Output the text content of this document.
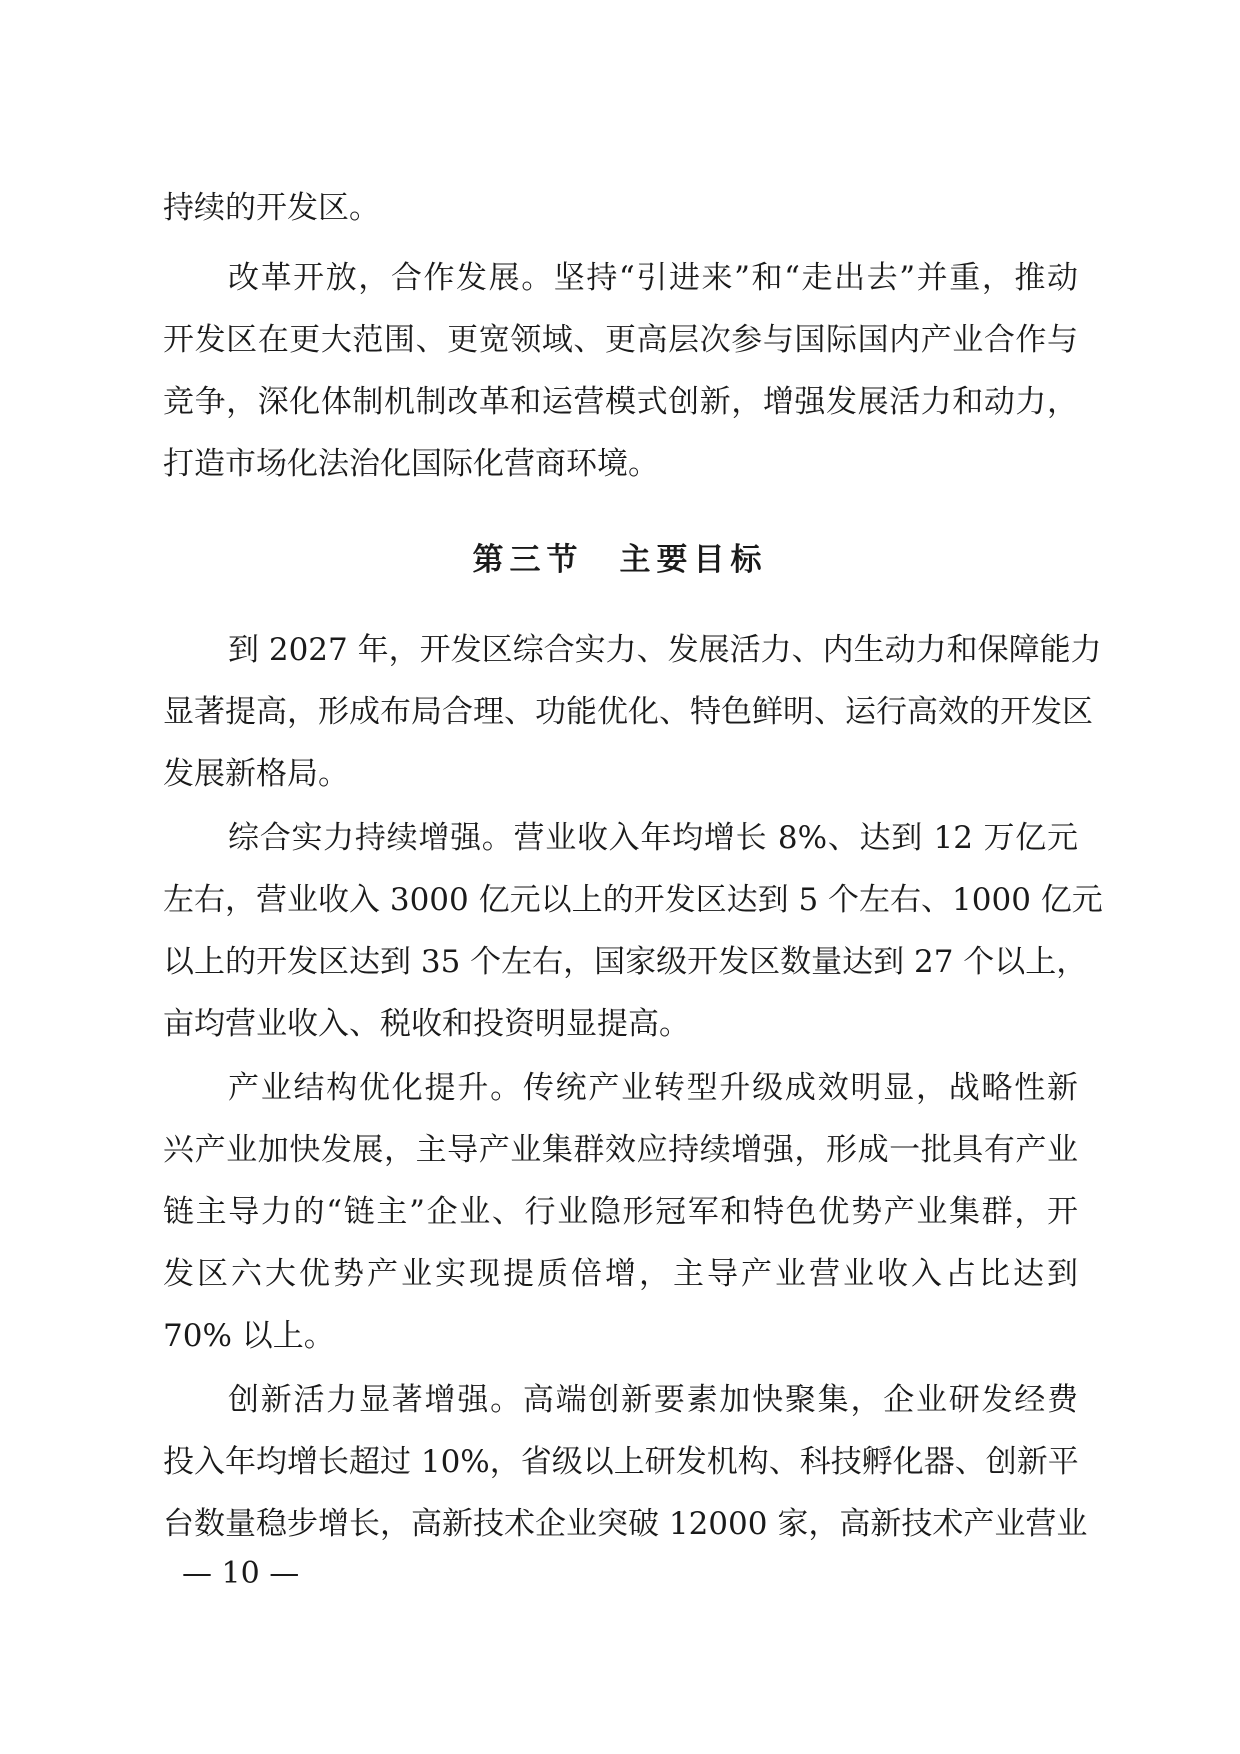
持续的开发区。
改革开放，合作发展。坚持“引进来”和“走出去”并重，推动
开发区在更大范围、更宽领域、更高层次参与国际国内产业合作与
竞争，深化体制机制改革和运营模式创新，增强发展活力和动力，
打造市场化法治化国际化营商环境。
第三节 主要目标
到 2027 年，开发区综合实力、发展活力、内生动力和保障能力
显著提高，形成布局合理、功能优化、特色鲜明、运行高效的开发区
发展新格局。
综合实力持续增强。营业收入年均增长 8%、达到 12 万亿元
左右，营业收入 3000 亿元以上的开发区达到 5 个左右、1000 亿元
以上的开发区达到 35 个左右，国家级开发区数量达到 27 个以上，
亩均营业收入、税收和投资明显提高。
产业结构优化提升。传统产业转型升级成效明显，战略性新
兴产业加快发展，主导产业集群效应持续增强，形成一批具有产业
链主导力的“链主”企业、行业隐形冠军和特色优势产业集群，开
发区六大优势产业实现提质倍增，主导产业营业收入占比达到
70% 以上。
创新活力显著增强。高端创新要素加快聚集，企业研发经费
投入年均增长超过 10%，省级以上研发机构、科技孵化器、创新平
台数量稳步增长，高新技术企业突破 12000 家，高新技术产业营业
— 10 —
